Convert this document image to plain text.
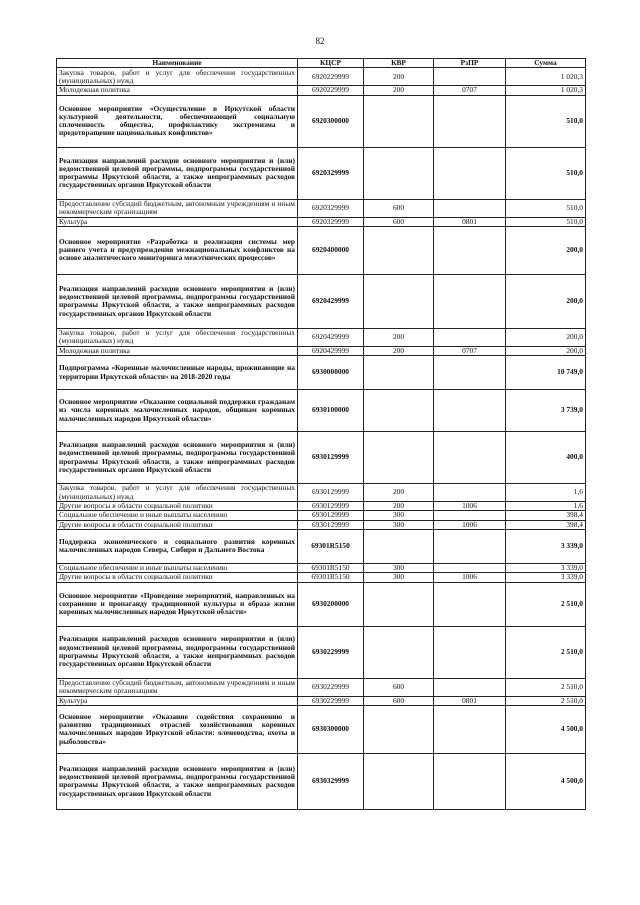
82
Наименование	КЦСР	КВР	РзПР	Сумма
Закупка товаров, работ и услуг для обеспечения государственных (муниципальных) нужд	6920229999	200		1 020,3
Молодежная политика	6920229999	200	0707	1 020,3
Основное мероприятие «Осуществление в Иркутской области культурной деятельности, обеспечивающей социальную сплоченность общества, профилактику экстремизма и предотвращение национальных конфликтов»	6920300000			510,0
Реализация направлений расходов основного мероприятия и (или) ведомственной целевой программы, подпрограммы государственной программы Иркутской области, а также непрограммных расходов государственных органов Иркутской области	6920329999			510,0
Предоставление субсидий бюджетным, автономным учреждениям и иным некоммерческим организациям	6920329999	600		510,0
Культура	6920329999	600	0801	510,0
Основное мероприятие «Разработка и реализация системы мер раннего учета и предупреждения межнациональных конфликтов на основе аналитического мониторинга межэтнических процессов»	6920400000			200,0
Реализация направлений расходов основного мероприятия и (или) ведомственной целевой программы, подпрограммы государственной программы Иркутской области, а также непрограммных расходов государственных органов Иркутской области	6920429999			200,0
Закупка товаров, работ и услуг для обеспечения государственных (муниципальных) нужд	6920429999	200		200,0
Молодежная политика	6920429999	200	0707	200,0
Подпрограмма «Коренные малочисленные народы, проживающие на территории Иркутской области» на 2018-2020 годы	6930000000			10 749,0
Основное мероприятие «Оказание социальной поддержки гражданам из числа коренных малочисленных народов, общинам коренных малочисленных народов Иркутской области»	6930100000			3 739,0
Реализация направлений расходов основного мероприятия и (или) ведомственной целевой программы, подпрограммы государственной программы Иркутской области, а также непрограммных расходов государственных органов Иркутской области	6930129999			400,0
Закупка товаров, работ и услуг для обеспечения государственных (муниципальных) нужд	6930129999	200		1,6
Другие вопросы в области социальной политики	6930129999	200	1006	1,6
Социальное обеспечение и иные выплаты населению	6930129999	300		398,4
Другие вопросы в области социальной политики	6930129999	300	1006	398,4
Поддержка экономического и социального развития коренных малочисленных народов Севера, Сибири и Дальнего Востока	69301R5150			3 339,0
Социальное обеспечение и иные выплаты населению	69301R5150	300		3 339,0
Другие вопросы в области социальной политики	69301R5150	300	1006	3 339,0
Основное мероприятие «Проведение мероприятий, направленных на сохранение и пропаганду традиционной культуры и образа жизни коренных малочисленных народов Иркутской области»	6930200000			2 510,0
Реализация направлений расходов основного мероприятия и (или) ведомственной целевой программы, подпрограммы государственной программы Иркутской области, а также непрограммных расходов государственных органов Иркутской области	6930229999			2 510,0
Предоставление субсидий бюджетным, автономным учреждениям и иным некоммерческим организациям	6930229999	600		2 510,0
Культура	6930229999	600	0801	2 510,0
Основное мероприятие «Оказание содействия сохранению и развитию традиционных отраслей хозяйствования коренных малочисленных народов Иркутской области: оленеводства, охоты и рыболовства»	6930300000			4 500,0
Реализация направлений расходов основного мероприятия и (или) ведомственной целевой программы, подпрограммы государственной программы Иркутской области, а также непрограммных расходов государственных органов Иркутской области	6930329999			4 500,0
